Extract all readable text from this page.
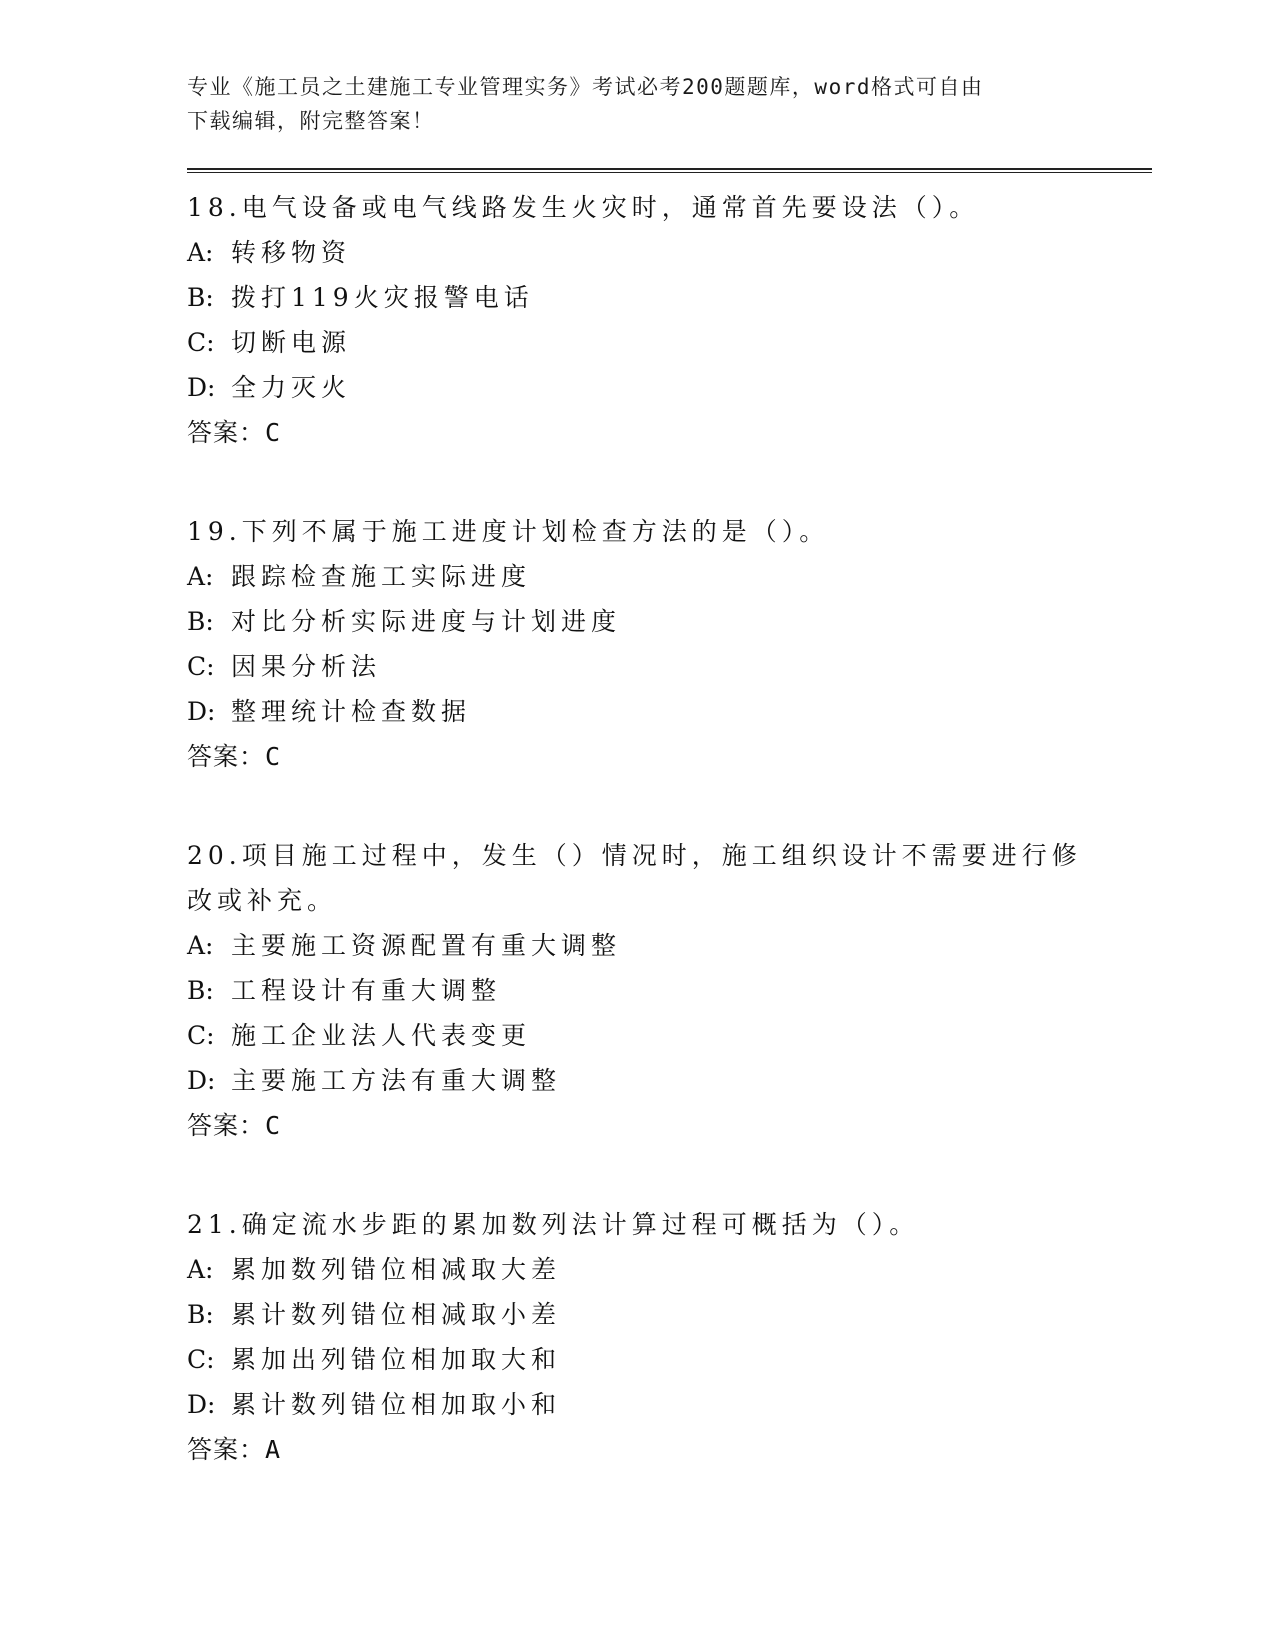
专业《施工员之土建施工专业管理实务》考试必考200题题库，word格式可自由
下载编辑，附完整答案！
18.电气设备或电气线路发生火灾时，通常首先要设法（）。
A: 转移物资
B: 拨打119火灾报警电话
C: 切断电源
D: 全力灭火
答案：C
19.下列不属于施工进度计划检查方法的是（）。
A: 跟踪检查施工实际进度
B: 对比分析实际进度与计划进度
C: 因果分析法
D: 整理统计检查数据
答案：C
20.项目施工过程中，发生（）情况时，施工组织设计不需要进行修改或补充。
A: 主要施工资源配置有重大调整
B: 工程设计有重大调整
C: 施工企业法人代表变更
D: 主要施工方法有重大调整
答案：C
21.确定流水步距的累加数列法计算过程可概括为（）。
A: 累加数列错位相减取大差
B: 累计数列错位相减取小差
C: 累加出列错位相加取大和
D: 累计数列错位相加取小和
答案：A
